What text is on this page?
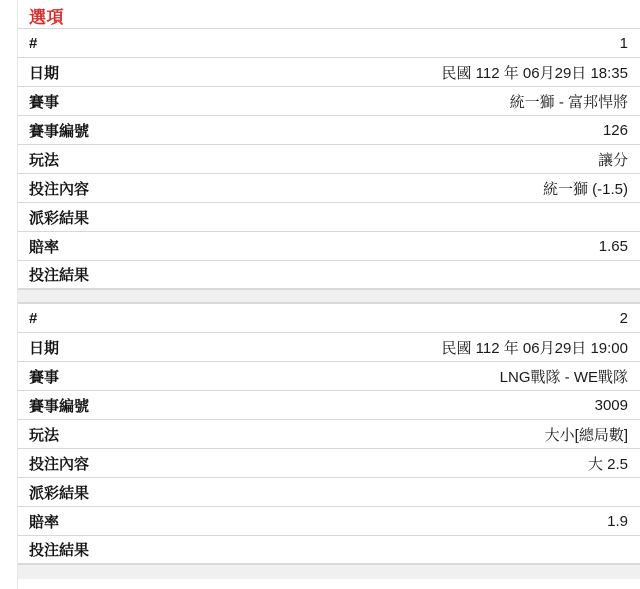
選項
#	1
日期	民國 112 年 06月29日 18:35
賽事	統一獅 - 富邦悍將
賽事編號	126
玩法	讓分
投注內容	統一獅 (-1.5)
派彩結果
賠率	1.65
投注結果
#	2
日期	民國 112 年 06月29日 19:00
賽事	LNG戰隊 - WE戰隊
賽事編號	3009
玩法	大小[總局數]
投注內容	大 2.5
派彩結果
賠率	1.9
投注結果
